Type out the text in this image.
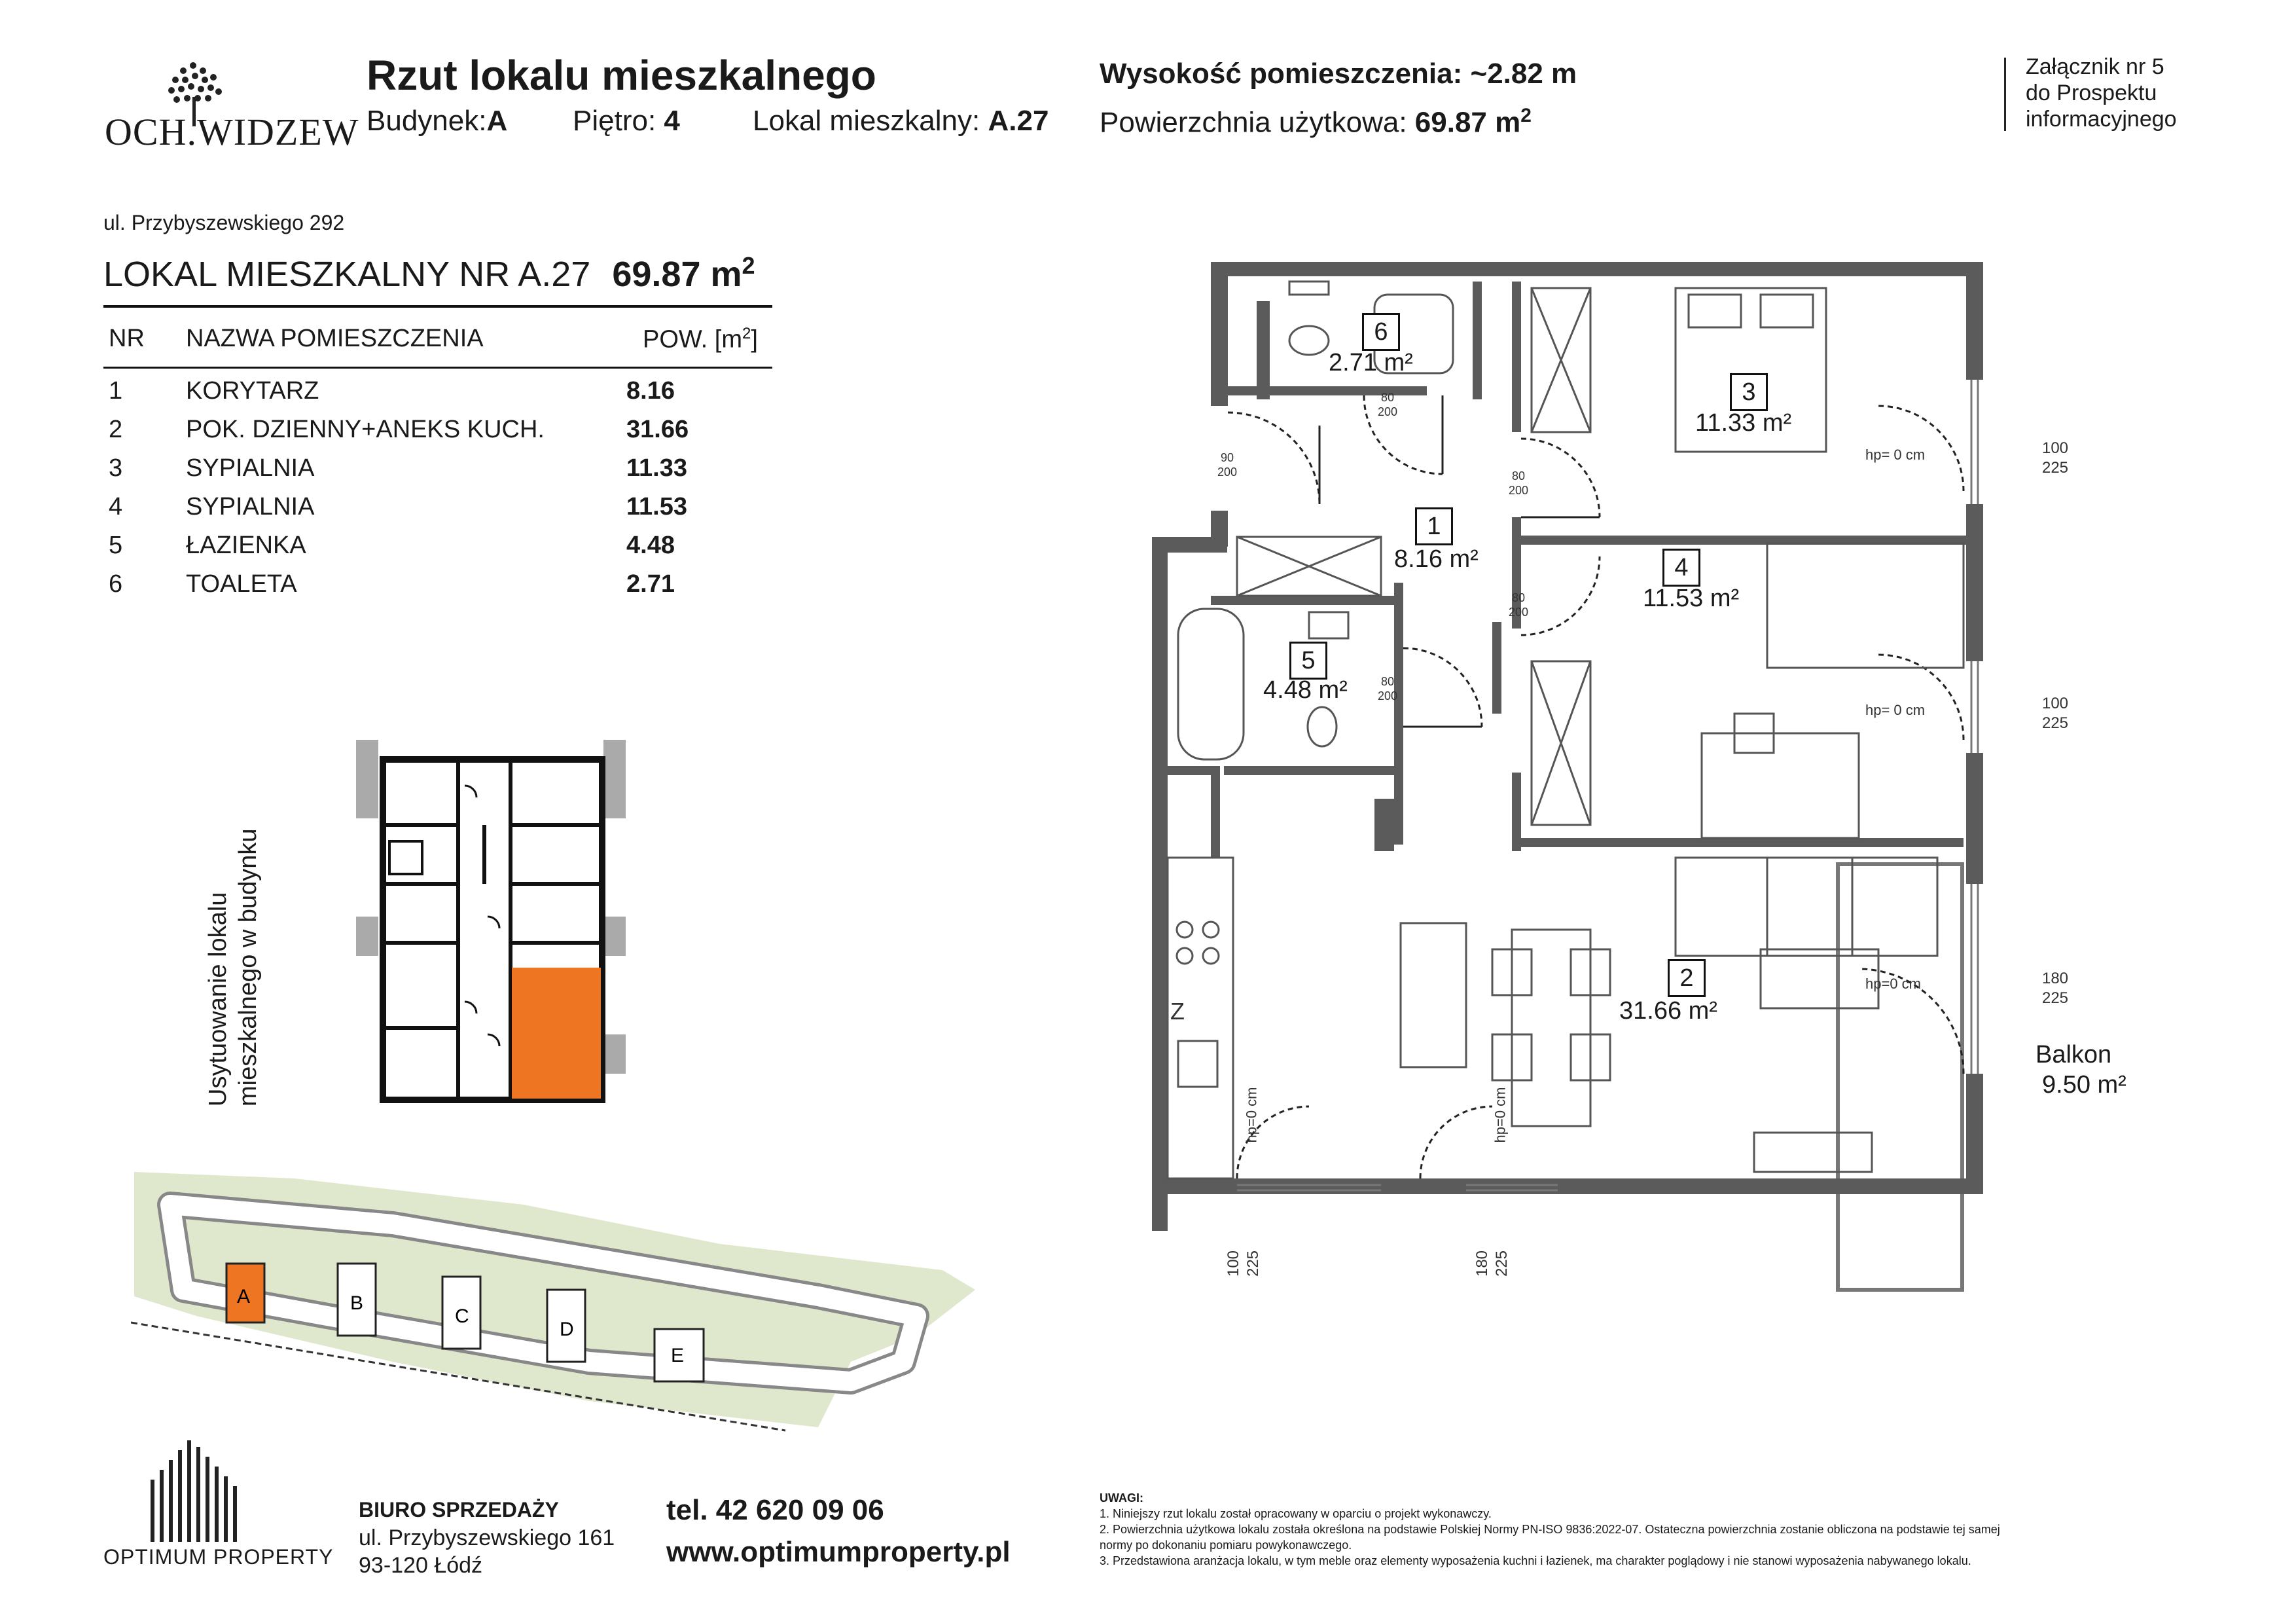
OCH.WIDZEW
Rzut lokalu mieszkalnego
Budynek:A Piętro: 4	Lokal mieszkalny: A.27
Wysokość pomieszczenia: ~2.82 m
Powierzchnia użytkowa: 69.87 $m^2$
Załącznik nr 5
do Prospektu
informacyjnego
ul. Przybyszewskiego 292
LOKAL MIESZKALNY NR A.27 69.87 $m^2$
NR NAZWA POMIESZCZENIA	POW. $[m^2]$
1	KORYTARZ	8.16
2	POK. DZIENNY+ANEKS KUCH.	31.66
3	SYPIALNIA	11.33
4	SYPIALNIA	11.53
5	ŁAZIENKA	4.48
6	TOALETA	2.71
Usytuowanie lokalu mieszkalnego w budynku
A	B
C
D
E
1
8.16 m²
2
31.66 m²
3
11.33 m²
4
11.53 m²
5
4.48 m²
6
2.71 m²
Balkon
9.50 m²
Z
80
200
90
200	80
200
80
200
80
200
100
225
100
225
180
225
hp= 0 cm
hp= 0 cm
hp=0 cm
100
225	180
225
hp=0 cm	hp=0 cm
OPTIMUM PROPERTY
BIURO SPRZEDAŻY
ul. Przybyszewskiego 161
93-120 Łódź
tel. 42 620 09 06
www.optimumproperty.pl
UWAGI:
1. Niniejszy rzut lokalu został opracowany w oparciu o projekt wykonawczy.
2. Powierzchnia użytkowa lokalu została określona na podstawie Polskiej Normy PN-ISO 9836:2022-07. Ostateczna powierzchnia zostanie obliczona na podstawie tej samej
normy po dokonaniu pomiaru powykonawczego.
3. Przedstawiona aranżacja lokalu, w tym meble oraz elementy wyposażenia kuchni i łazienek, ma charakter poglądowy i nie stanowi wyposażenia nabywanego lokalu.
